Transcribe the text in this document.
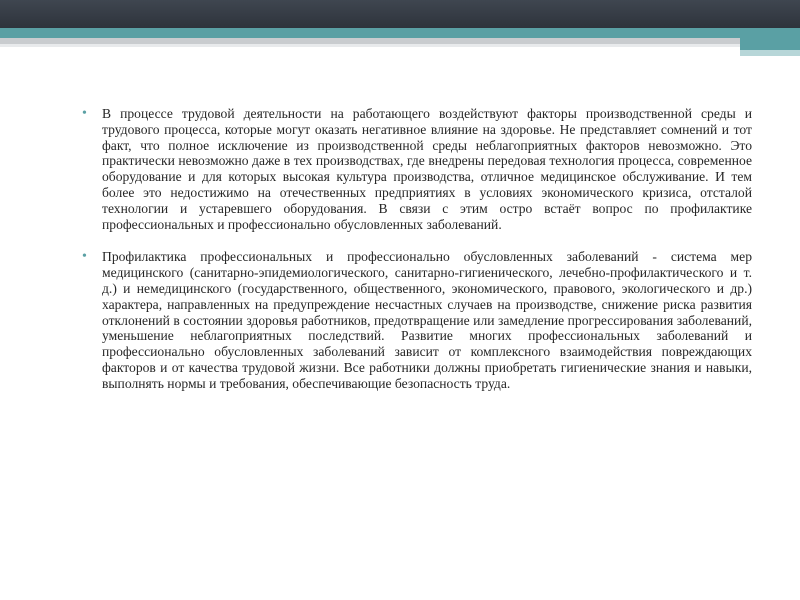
• В процессе трудовой деятельности на работающего воздействуют факторы производственной среды и трудового процесса, которые могут оказать негативное влияние на здоровье. Не представляет сомнений и тот факт, что полное исключение из производственной среды неблагоприятных факторов невозможно. Это практически невозможно даже в тех производствах, где внедрены передовая технология процесса, современное оборудование и для которых высокая культура производства, отличное медицинское обслуживание. И тем более это недостижимо на отечественных предприятиях в условиях экономического кризиса, отсталой технологии и устаревшего оборудования. В связи с этим остро встаёт вопрос по профилактике профессиональных и профессионально обусловленных заболеваний.
• Профилактика профессиональных и профессионально обусловленных заболеваний - система мер медицинского (санитарно-эпидемиологического, санитарно-гигиенического, лечебно-профилактического и т. д.) и немедицинского (государственного, общественного, экономического, правового, экологического и др.) характера, направленных на предупреждение несчастных случаев на производстве, снижение риска развития отклонений в состоянии здоровья работников, предотвращение или замедление прогрессирования заболеваний, уменьшение неблагоприятных последствий. Развитие многих профессиональных заболеваний и профессионально обусловленных заболеваний зависит от комплексного взаимодействия повреждающих факторов и от качества трудовой жизни. Все работники должны приобретать гигиенические знания и навыки, выполнять нормы и требования, обеспечивающие безопасность труда.
